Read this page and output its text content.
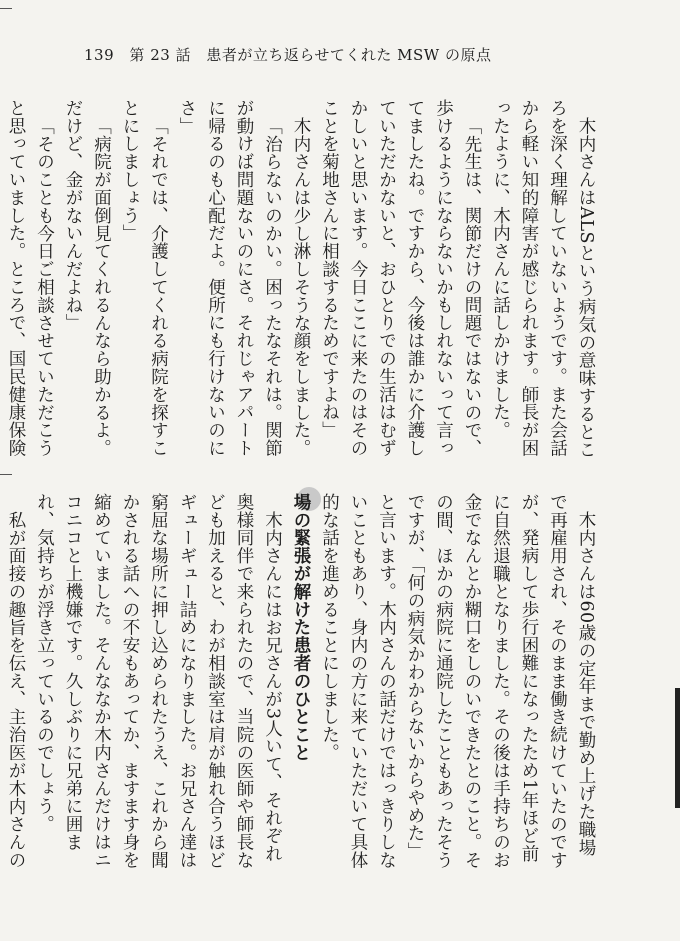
139 第 23 話 患者が立ち返らせてくれた MSW の原点

木内さんはALSという病気の意味するところを深く理解していないようです。また会話から軽い知的障害が感じられます。師長が困ったように、木内さんに話しかけました。

「先生は、関節だけの問題ではないので、歩けるようにならないかもしれないって言ってましたね。ですから、今後は誰かに介護していただかないと、おひとりでの生活はむずかしいと思います。今日ここに来たのはそのことを菊地さんに相談するためですよね」

木内さんは少し淋しそうな顔をしました。

「治らないのかい。困ったなそれは。関節が動けば問題ないのにさ。それじゃアパートに帰るのも心配だよ。便所にも行けないのにさ」

「それでは、介護してくれる病院を探すことにしましょう」

「病院が面倒見てくれるんなら助かるよ。だけど、金がないんだよね」

「そのことも今日ご相談させていただこうと思っていました。ところで、国民健康保険

木内さんは60歳の定年まで勤め上げた職場で再雇用され、そのまま働き続けていたのですが、発病して歩行困難になったため1年ほど前に自然退職となりました。その後は手持ちのお金でなんとか糊口をしのいできたとのこと。その間、ほかの病院に通院したこともあったそうですが、「何の病気かわからないからやめた」と言います。木内さんの話だけではっきりしないこともあり、身内の方に来ていただいて具体的な話を進めることにしました。

場の緊張が解けた患者のひとこと

木内さんにはお兄さんが3人いて、それぞれ奥様同伴で来られたので、当院の医師や師長なども加えると、わが相談室は肩が触れ合うほどギューギュー詰めになりました。お兄さん達は窮屈な場所に押し込められたうえ、これから聞かされる話への不安もあってか、ますます身を縮めていました。そんななか木内さんだけはニコニコと上機嫌です。久しぶりに兄弟に囲まれ、気持ちが浮き立っているのでしょう。

私が面接の趣旨を伝え、主治医が木内さんの
